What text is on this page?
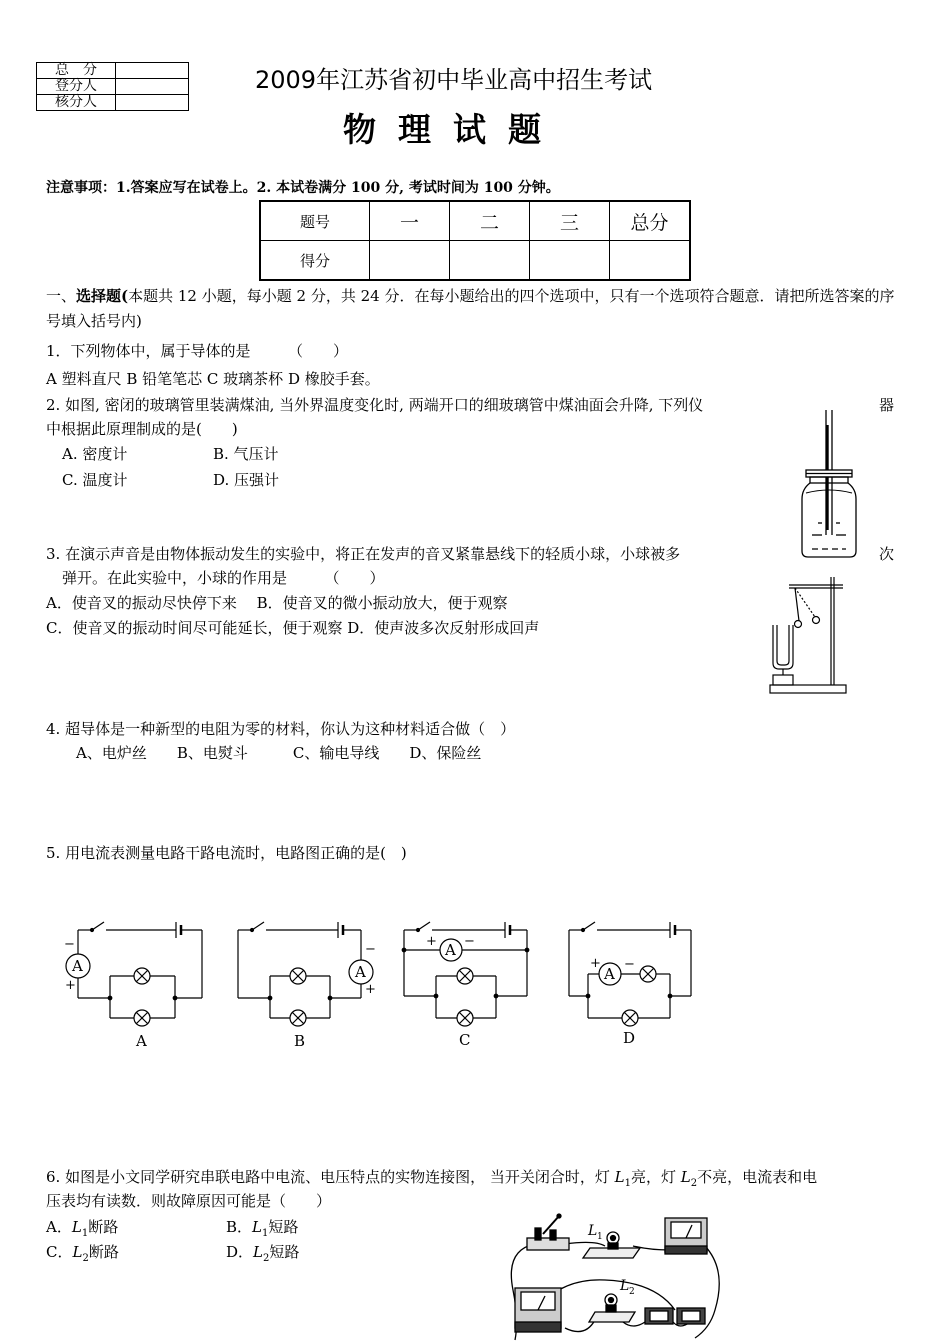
总　分	
登分人	
核分人	
2009年江苏省初中毕业高中招生考试
物理试题
注意事项：1.答案应写在试卷上。2. 本试卷满分 100 分, 考试时间为 100 分钟。
题号	一	二	三	总分
得分				
一、选择题(本题共 12 小题，每小题 2 分，共 24 分．在每小题给出的四个选项中，只有一个选项符合题意．请把所选答案的序号填入括号内)
1．下列物体中，属于导体的是　　　（　　）
A 塑料直尺 B 铅笔笔芯 C 玻璃茶杯 D 橡胶手套。
2. 如图, 密闭的玻璃管里装满煤油, 当外界温度变化时, 两端开口的细玻璃管中煤油面会升降, 下列仪	器
中根据此原理制成的是(　　)
A. 密度计	B. 气压计
C. 温度计	D. 压强计
3. 在演示声音是由物体振动发生的实验中，将正在发声的音叉紧靠悬线下的轻质小球，小球被多	次
弹开。在此实验中，小球的作用是　　　（　　）
A．使音叉的振动尽快停下来　 B．使音叉的微小振动放大，便于观察
C．使音叉的振动时间尽可能延长，便于观察 D．使声波多次反射形成回声
4. 超导体是一种新型的电阻为零的材料，你认为这种材料适合做（　）
A、电炉丝　　B、电熨斗　　　C、输电导线　　D、保险丝
5. 用电流表测量电路干路电流时，电路图正确的是(　)
A	A
A
A
−
+
−
+
+ −
+ −
A	B	C	D
6. 如图是小文同学研究串联电路中电流、电压特点的实物连接图， 当开关闭合时，灯 $L_1$亮，灯 $L_2$不亮，电流表和电
压表均有读数．则故障原因可能是（　　）
A．$L_1$断路	B．$L_1$短路
C．$L_2$断路	D．$L_2$短路
L 1
L 2
